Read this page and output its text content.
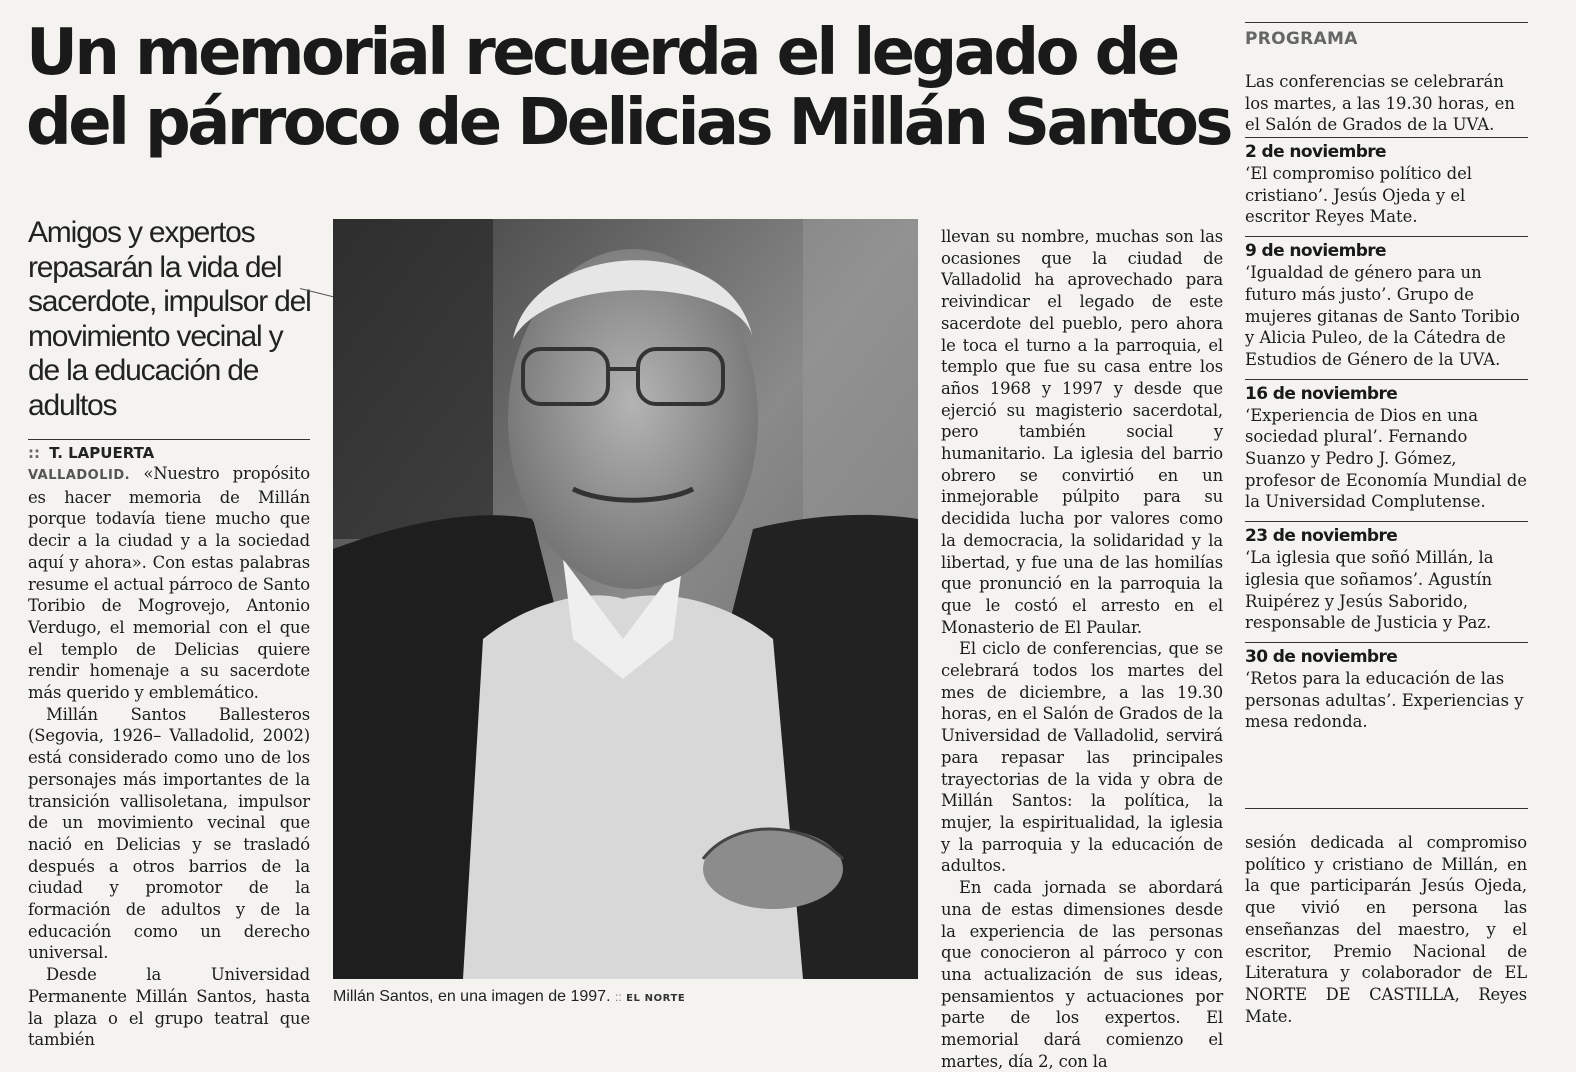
Un memorial recuerda el legado de
del párroco de Delicias Millán Santos
Amigos y expertos repasarán la vida del sacerdote, impulsor del movimiento vecinal y de la educación de adultos
:: T. LAPUERTA

VALLADOLID. «Nuestro propósito es hacer memoria de Millán porque todavía tiene mucho que decir a la ciudad y a la sociedad aquí y ahora». Con estas palabras resume el actual párroco de Santo Toribio de Mogrovejo, Antonio Verdugo, el memorial con el que el templo de Delicias quiere rendir homenaje a su sacerdote más querido y emblemático.

Millán Santos Ballesteros (Segovia, 1926– Valladolid, 2002) está considerado como uno de los personajes más importantes de la transición vallisoletana, impulsor de un movimiento vecinal que nació en Delicias y se trasladó después a otros barrios de la ciudad y promotor de la formación de adultos y de la educación como un derecho universal.

Desde la Universidad Permanente Millán Santos, hasta la plaza o el grupo teatral que también

Millán Santos, en una imagen de 1997. :: EL NORTE

llevan su nombre, muchas son las ocasiones que la ciudad de Valladolid ha aprovechado para reivindicar el legado de este sacerdote del pueblo, pero ahora le toca el turno a la parroquia, el templo que fue su casa entre los años 1968 y 1997 y desde que ejerció su magisterio sacerdotal, pero también social y humanitario. La iglesia del barrio obrero se convirtió en un inmejorable púlpito para su decidida lucha por valores como la democracia, la solidaridad y la libertad, y fue una de las homilías que pronunció en la parroquia la que le costó el arresto en el Monasterio de El Paular.

El ciclo de conferencias, que se celebrará todos los martes del mes de diciembre, a las 19.30 horas, en el Salón de Grados de la Universidad de Valladolid, servirá para repasar las principales trayectorias de la vida y obra de Millán Santos: la política, la mujer, la espiritualidad, la iglesia y la parroquia y la educación de adultos.

En cada jornada se abordará una de estas dimensiones desde la experiencia de las personas que conocieron al párroco y con una actualización de sus ideas, pensamientos y actuaciones por parte de los expertos. El memorial dará comienzo el martes, día 2, con la

PROGRAMA
Las conferencias se celebrarán los martes, a las 19.30 horas, en el Salón de Grados de la UVA.
2 de noviembre
‘El compromiso político del cristiano’. Jesús Ojeda y el escritor Reyes Mate.
9 de noviembre
‘Igualdad de género para un futuro más justo’. Grupo de mujeres gitanas de Santo Toribio y Alicia Puleo, de la Cátedra de Estudios de Género de la UVA.
16 de noviembre
‘Experiencia de Dios en una sociedad plural’. Fernando Suanzo y Pedro J. Gómez, profesor de Economía Mundial de la Universidad Complutense.
23 de noviembre
‘La iglesia que soñó Millán, la iglesia que soñamos’. Agustín Ruipérez y Jesús Saborido, responsable de Justicia y Paz.
30 de noviembre
‘Retos para la educación de las personas adultas’. Experiencias y mesa redonda.

sesión dedicada al compromiso político y cristiano de Millán, en la que participarán Jesús Ojeda, que vivió en persona las enseñanzas del maestro, y el escritor, Premio Nacional de Literatura y colaborador de EL NORTE DE CASTILLA, Reyes Mate.
